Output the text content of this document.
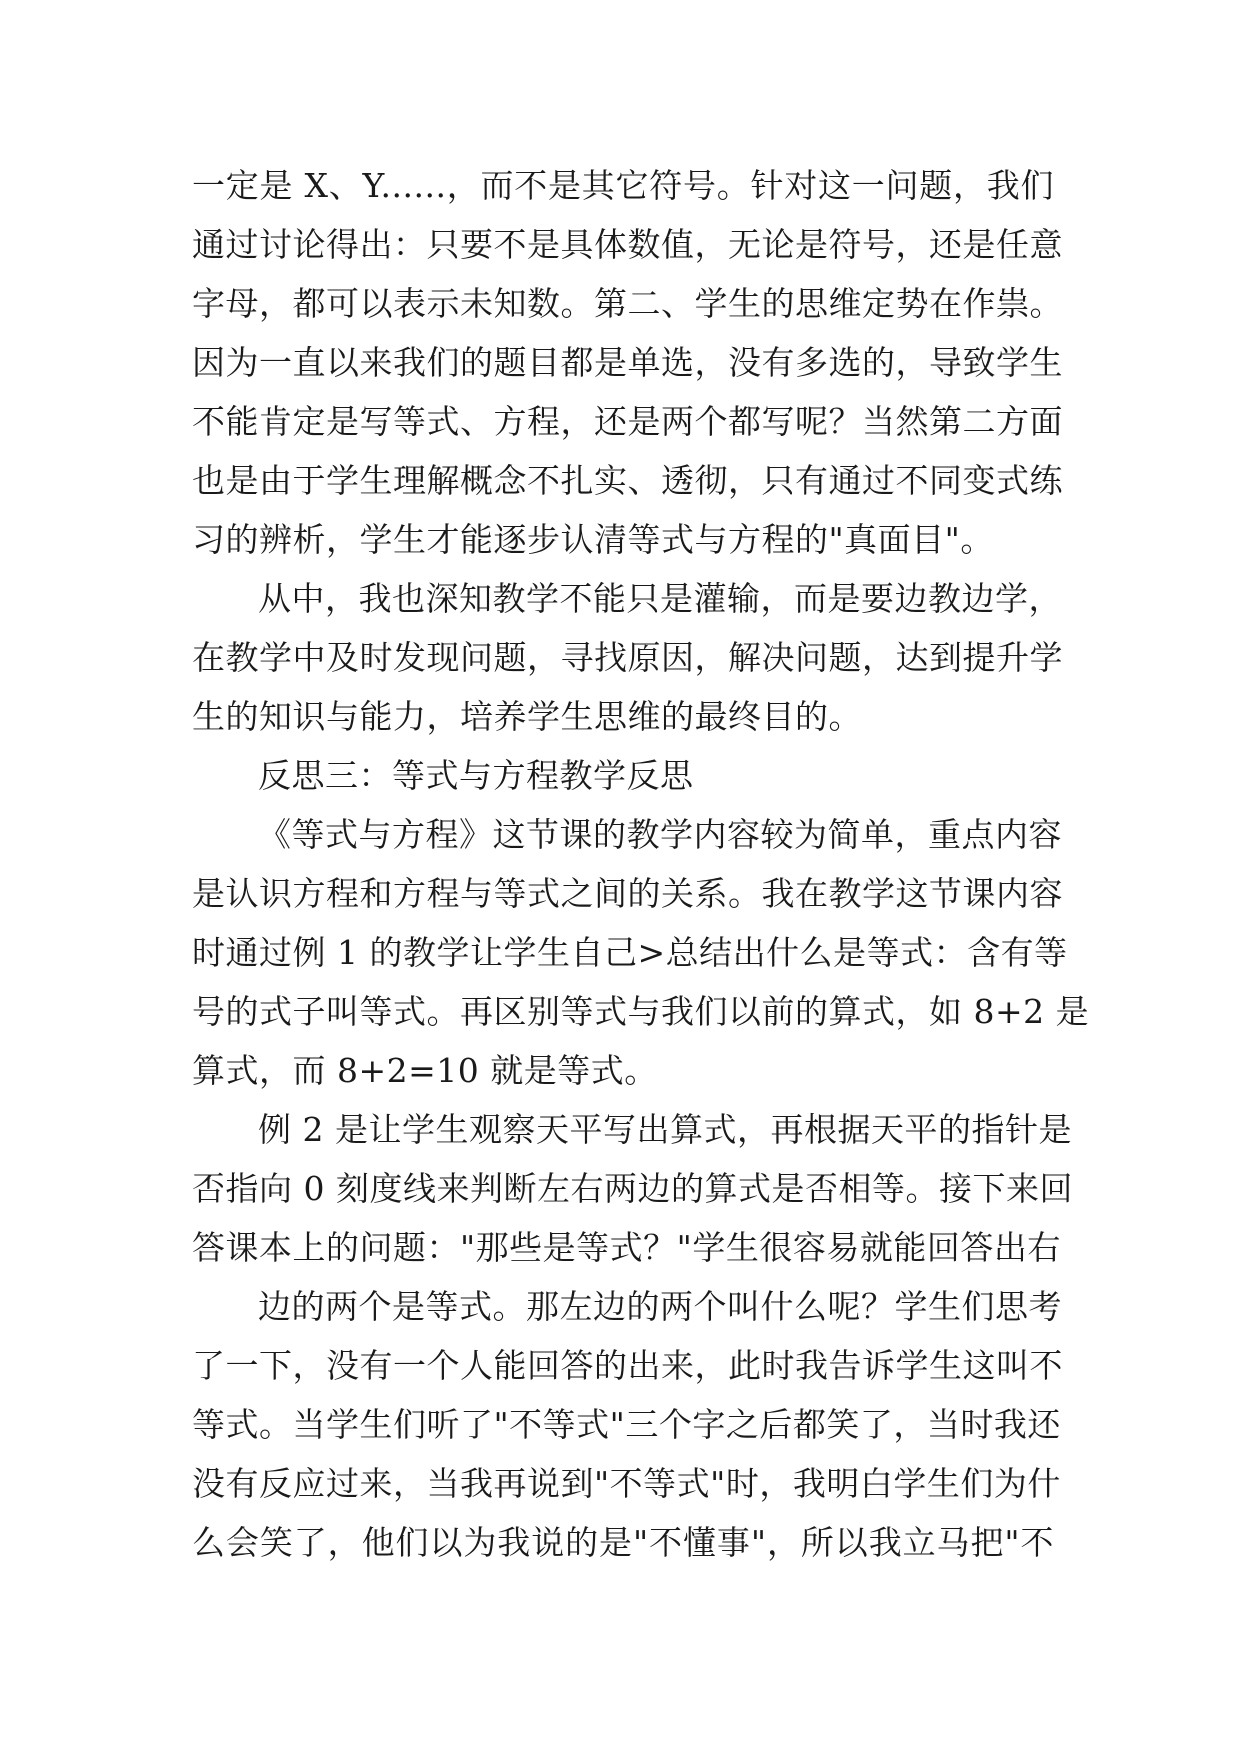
一定是 X、Y......，而不是其它符号。针对这一问题，我们
通过讨论得出：只要不是具体数值，无论是符号，还是任意
字母，都可以表示未知数。第二、学生的思维定势在作祟。
因为一直以来我们的题目都是单选，没有多选的，导致学生
不能肯定是写等式、方程，还是两个都写呢？当然第二方面
也是由于学生理解概念不扎实、透彻，只有通过不同变式练
习的辨析，学生才能逐步认清等式与方程的"真面目"。
从中，我也深知教学不能只是灌输，而是要边教边学，
在教学中及时发现问题，寻找原因，解决问题，达到提升学
生的知识与能力，培养学生思维的最终目的。
反思三：等式与方程教学反思
《等式与方程》这节课的教学内容较为简单，重点内容
是认识方程和方程与等式之间的关系。我在教学这节课内容
时通过例 1 的教学让学生自己>总结出什么是等式：含有等
号的式子叫等式。再区别等式与我们以前的算式，如 8+2 是
算式，而 8+2=10 就是等式。
例 2 是让学生观察天平写出算式，再根据天平的指针是
否指向 0 刻度线来判断左右两边的算式是否相等。接下来回
答课本上的问题："那些是等式？"学生很容易就能回答出右
边的两个是等式。那左边的两个叫什么呢？学生们思考
了一下，没有一个人能回答的出来，此时我告诉学生这叫不
等式。当学生们听了"不等式"三个字之后都笑了，当时我还
没有反应过来，当我再说到"不等式"时，我明白学生们为什
么会笑了，他们以为我说的是"不懂事"，所以我立马把"不
